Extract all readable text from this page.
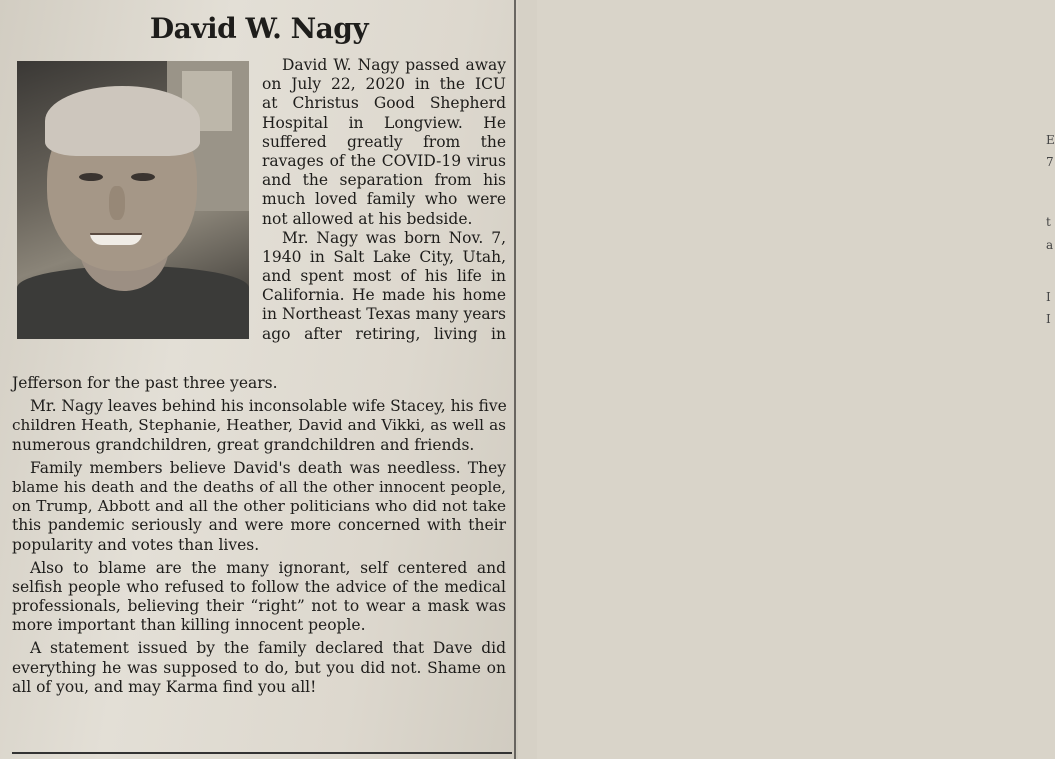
E
7
t
a
I
I
David W. Nagy
David W. Nagy passed away
on July 22, 2020 in the ICU
at Christus Good Shepherd
Hospital in Longview. He
suffered greatly from the
ravages of the COVID-19 virus
and the separation from his
much loved family who were
not allowed at his bedside.
Mr. Nagy was born Nov. 7,
1940 in Salt Lake City, Utah,
and spent most of his life in
California. He made his home
in Northeast Texas many years
ago after retiring, living in
Jefferson for the past three years.
Mr. Nagy leaves behind his inconsolable wife Stacey, his five
children Heath, Stephanie, Heather, David and Vikki, as well as
numerous grandchildren, great grandchildren and friends.
Family members believe David's death was needless. They
blame his death and the deaths of all the other innocent people,
on Trump, Abbott and all the other politicians who did not take
this pandemic seriously and were more concerned with their
popularity and votes than lives.
Also to blame are the many ignorant, self centered and
selfish people who refused to follow the advice of the medical
professionals, believing their “right” not to wear a mask was
more important than killing innocent people.
A statement issued by the family declared that Dave did
everything he was supposed to do, but you did not. Shame on
all of you, and may Karma find you all!
